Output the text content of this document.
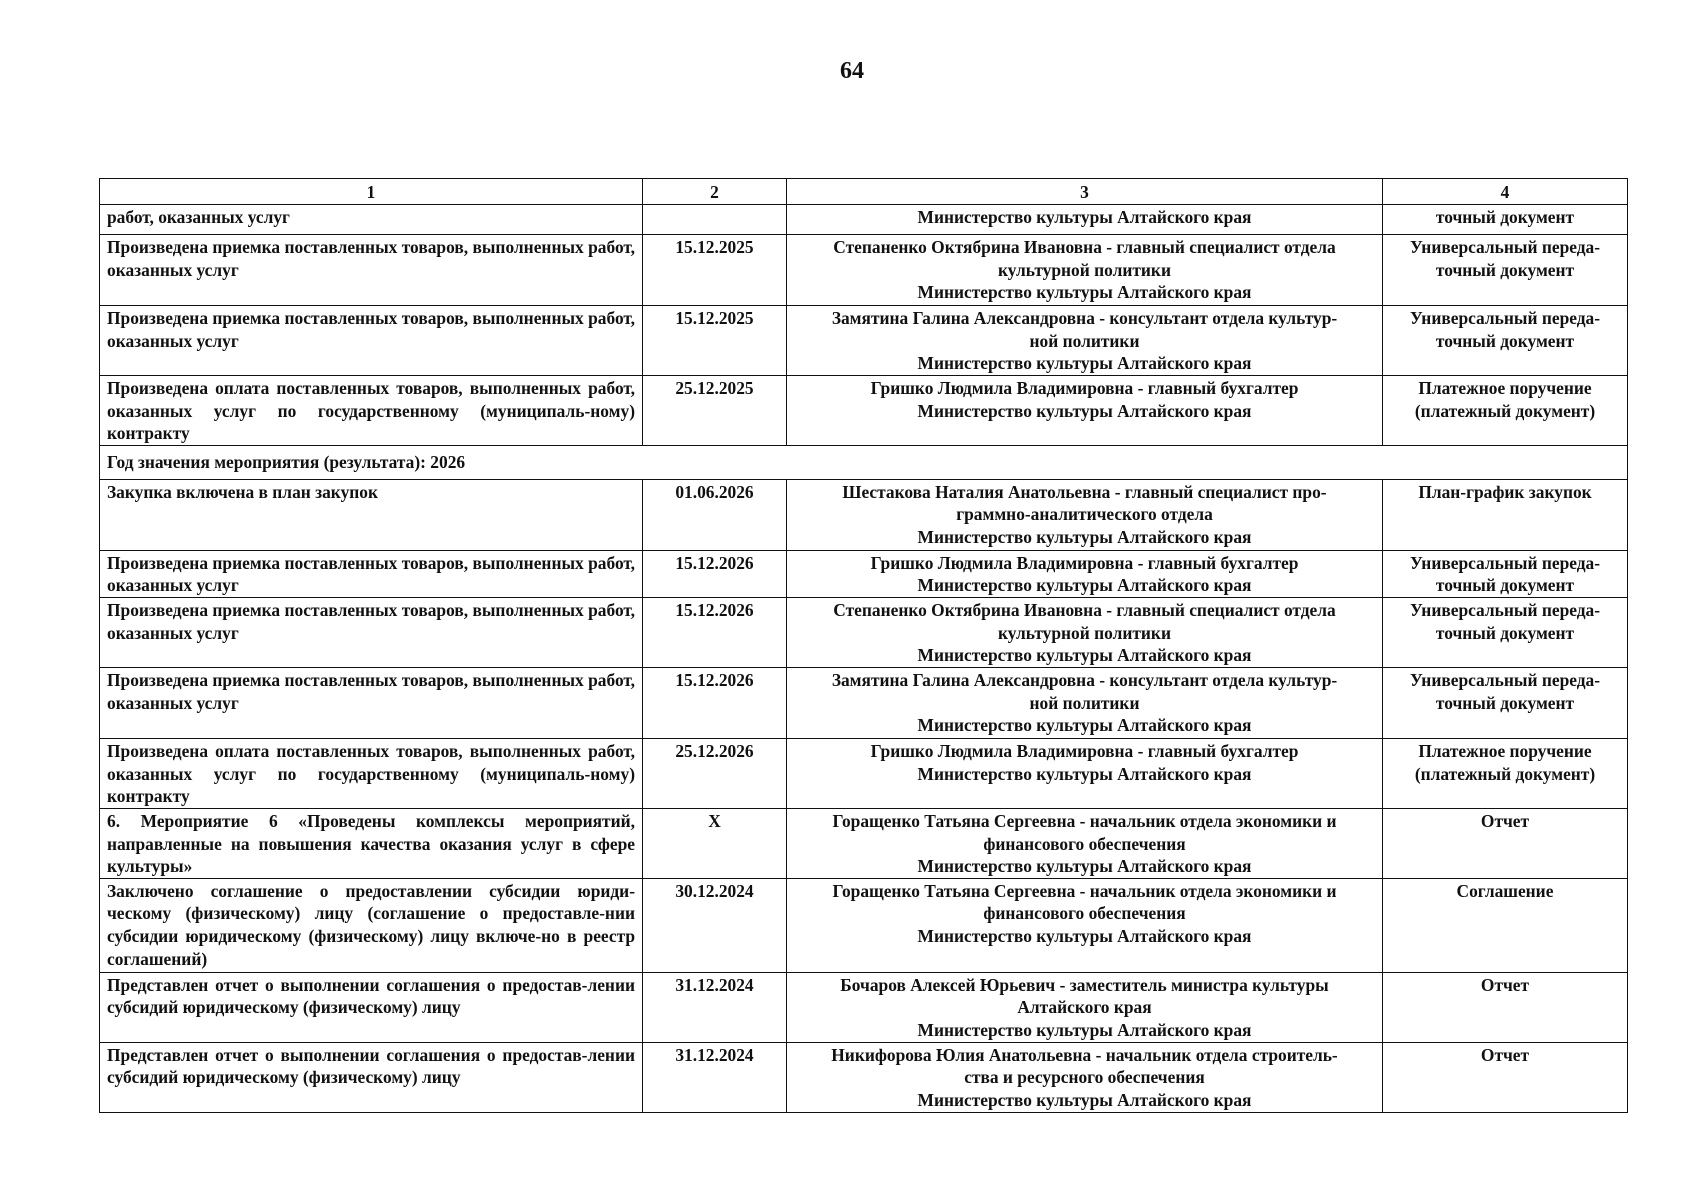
64
1	2	3	4

работ, оказанных услуг		Министерство культуры Алтайского края	точный документ

Произведена приемка поставленных товаров, выполненных работ, оказанных услуг	15.12.2025	Степаненко Октябрина Ивановна - главный специалист отдела
культурной политики
Министерство культуры Алтайского края	Универсальный переда-
точный документ

Произведена приемка поставленных товаров, выполненных работ, оказанных услуг	15.12.2025	Замятина Галина Александровна - консультант отдела культур-
ной политики
Министерство культуры Алтайского края	Универсальный переда-
точный документ

Произведена оплата поставленных товаров, выполненных работ, оказанных услуг по государственному (муниципаль-ному) контракту	25.12.2025	Гришко Людмила Владимировна - главный бухгалтер
Министерство культуры Алтайского края	Платежное поручение
(платежный документ)

Год значения мероприятия (результата): 2026			

Закупка включена в план закупок	01.06.2026	Шестакова Наталия Анатольевна - главный специалист про-
граммно-аналитического отдела
Министерство культуры Алтайского края	План-график закупок

Произведена приемка поставленных товаров, выполненных работ, оказанных услуг	15.12.2026	Гришко Людмила Владимировна - главный бухгалтер
Министерство культуры Алтайского края	Универсальный переда-
точный документ

Произведена приемка поставленных товаров, выполненных работ, оказанных услуг	15.12.2026	Степаненко Октябрина Ивановна - главный специалист отдела
культурной политики
Министерство культуры Алтайского края	Универсальный переда-
точный документ

Произведена приемка поставленных товаров, выполненных работ, оказанных услуг	15.12.2026	Замятина Галина Александровна - консультант отдела культур-
ной политики
Министерство культуры Алтайского края	Универсальный переда-
точный документ

Произведена оплата поставленных товаров, выполненных работ, оказанных услуг по государственному (муниципаль-ному) контракту	25.12.2026	Гришко Людмила Владимировна - главный бухгалтер
Министерство культуры Алтайского края	Платежное поручение
(платежный документ)

6. Мероприятие 6 «Проведены комплексы мероприятий, направленные на повышения качества оказания услуг в сфере культуры»	X	Горащенко Татьяна Сергеевна - начальник отдела экономики и
финансового обеспечения
Министерство культуры Алтайского края	Отчет

Заключено соглашение о предоставлении субсидии юриди-ческому (физическому) лицу (соглашение о предоставле-нии субсидии юридическому (физическому) лицу включе-но в реестр соглашений)	30.12.2024	Горащенко Татьяна Сергеевна - начальник отдела экономики и
финансового обеспечения
Министерство культуры Алтайского края	Соглашение

Представлен отчет о выполнении соглашения о предостав-лении субсидий юридическому (физическому) лицу	31.12.2024	Бочаров Алексей Юрьевич - заместитель министра культуры
Алтайского края
Министерство культуры Алтайского края	Отчет

Представлен отчет о выполнении соглашения о предостав-лении субсидий юридическому (физическому) лицу	31.12.2024	Никифорова Юлия Анатольевна - начальник отдела строитель-
ства и ресурсного обеспечения
Министерство культуры Алтайского края	Отчет
